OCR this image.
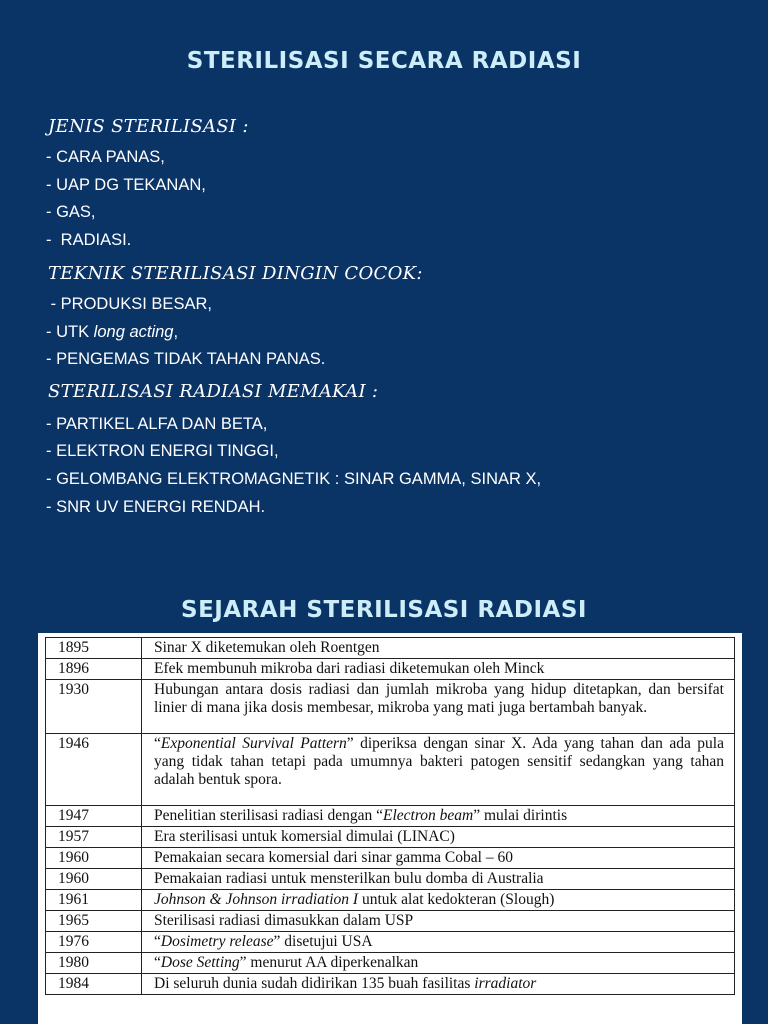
STERILISASI SECARA RADIASI
JENIS STERILISASI :
- CARA PANAS,
- UAP DG TEKANAN,
- GAS,
-  RADIASI.
TEKNIK STERILISASI DINGIN COCOK:
- PRODUKSI BESAR,
- UTK long acting,
- PENGEMAS TIDAK TAHAN PANAS.
STERILISASI RADIASI MEMAKAI :
- PARTIKEL ALFA DAN BETA,
- ELEKTRON ENERGI TINGGI,
- GELOMBANG ELEKTROMAGNETIK : SINAR GAMMA, SINAR X,
- SNR UV ENERGI RENDAH.
SEJARAH STERILISASI RADIASI
1895	Sinar X diketemukan oleh Roentgen
1896	Efek membunuh mikroba dari radiasi diketemukan oleh Minck
1930	Hubungan antara dosis radiasi dan jumlah mikroba yang hidup ditetapkan, dan bersifat linier di mana jika dosis membesar, mikroba yang mati juga bertambah banyak.
1946	“Exponential Survival Pattern” diperiksa dengan sinar X. Ada yang tahan dan ada pula yang tidak tahan tetapi pada umumnya bakteri patogen sensitif sedangkan yang tahan adalah bentuk spora.
1947	Penelitian sterilisasi radiasi dengan “Electron beam” mulai dirintis
1957	Era sterilisasi untuk komersial dimulai (LINAC)
1960	Pemakaian secara komersial dari sinar gamma Cobal – 60
1960	Pemakaian radiasi untuk mensterilkan bulu domba di Australia
1961	Johnson & Johnson irradiation I untuk alat kedokteran (Slough)
1965	Sterilisasi radiasi dimasukkan dalam USP
1976	“Dosimetry release” disetujui USA
1980	“Dose Setting” menurut AA diperkenalkan
1984	Di seluruh dunia sudah didirikan 135 buah fasilitas irradiator
